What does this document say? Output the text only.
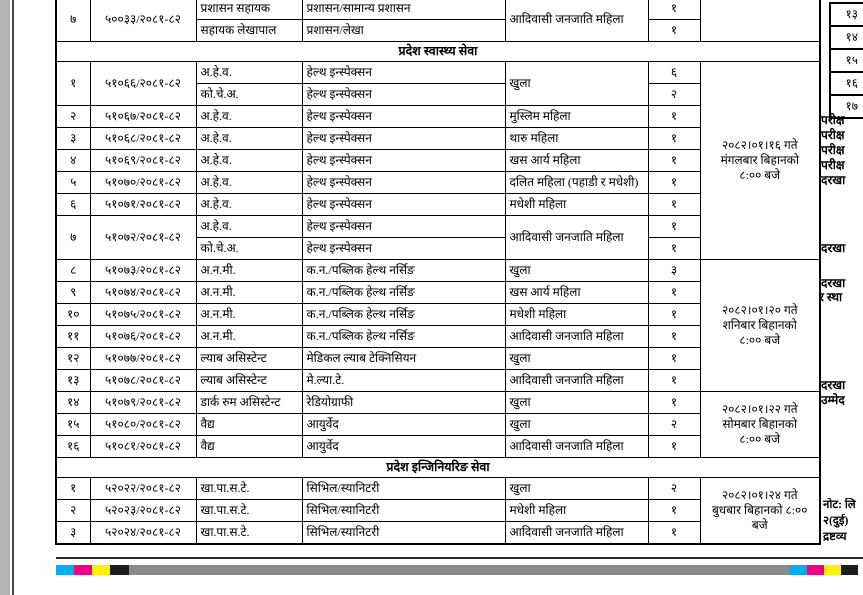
७	५००३३/२०८१-८२	प्रशासन सहायक	प्रशासन/सामान्य प्रशासन	आदिवासी जनजाति महिला	१	
		सहायक लेखापाल	प्रशासन/लेखा		१	
प्रदेश स्वास्थ्य सेवा						
१	५१०६६/२०८१-८२	अ.हे.व.	हेल्थ इन्स्पेक्सन	खुला	६	२०८२।०१।१६ गते
मंगलबार बिहानको
८:०० बजे
		को.चे.अ.	हेल्थ इन्स्पेक्सन		२	
२	५१०६७/२०८१-८२	अ.हे.व.	हेल्थ इन्स्पेक्सन	मुस्लिम महिला	१	
३	५१०६८/२०८१-८२	अ.हे.व.	हेल्थ इन्स्पेक्सन	थारु महिला	१	
४	५१०६९/२०८१-८२	अ.हे.व.	हेल्थ इन्स्पेक्सन	खस आर्य महिला	१	
५	५१०७०/२०८१-८२	अ.हे.व.	हेल्थ इन्स्पेक्सन	दलित महिला (पहाडी र मधेशी)	१	
६	५१०७१/२०८१-८२	अ.हे.व.	हेल्थ इन्स्पेक्सन	मधेशी महिला	१	
७	५१०७२/२०८१-८२	अ.हे.व.	हेल्थ इन्स्पेक्सन	आदिवासी जनजाति महिला	१	
		को.चे.अ.	हेल्थ इन्स्पेक्सन		१	
८	५१०७३/२०८१-८२	अ.न.मी.	क.न./पब्लिक हेल्थ नर्सिङ	खुला	३	२०८२।०१।२० गते
शनिबार बिहानको
८:०० बजे
९	५१०७४/२०८१-८२	अ.न.मी.	क.न./पब्लिक हेल्थ नर्सिङ	खस आर्य महिला	१	
१०	५१०७५/२०८१-८२	अ.न.मी.	क.न./पब्लिक हेल्थ नर्सिङ	मधेशी महिला	१	
११	५१०७६/२०८१-८२	अ.न.मी.	क.न./पब्लिक हेल्थ नर्सिङ	आदिवासी जनजाति महिला	१	
१२	५१०७७/२०८१-८२	ल्याब असिस्टेन्ट	मेडिकल ल्याब टेक्निसियन	खुला	१	
१३	५१०७८/२०८१-८२	ल्याब असिस्टेन्ट	मे.ल्या.टे.	आदिवासी जनजाति महिला	१	
१४	५१०७९/२०८१-८२	डार्क रुम असिस्टेन्ट	रेडियोग्राफी	खुला	१	२०८२।०१।२२ गते
सोमबार बिहानको
८:०० बजे
१५	५१०८०/२०८१-८२	वैद्य	आयुर्वेद	खुला	२	
१६	५१०८१/२०८१-८२	वैद्य	आयुर्वेद	आदिवासी जनजाति महिला	१	
प्रदेश इन्जिनियरिङ सेवा						
१	५२०२२/२०८१-८२	खा.पा.स.टे.	सिभिल/स्यानिटरी	खुला	२	२०८२।०१।२४ गते
बुधबार बिहानको ८:००
बजे
२	५२०२३/२०८१-८२	खा.पा.स.टे.	सिभिल/स्यानिटरी	मधेशी महिला	१	
३	५२०२४/२०८१-८२	खा.पा.स.टे.	सिभिल/स्यानिटरी	आदिवासी जनजाति महिला	१	
१३
१४
१५
१६
१७
परीक्ष
परीक्ष
परीक्ष
परीक्ष
दरखा
दरखा
दरखा
र स्था
दरखा
उम्मेद
नोट: लि
२(दुई)
द्रष्टव्य
